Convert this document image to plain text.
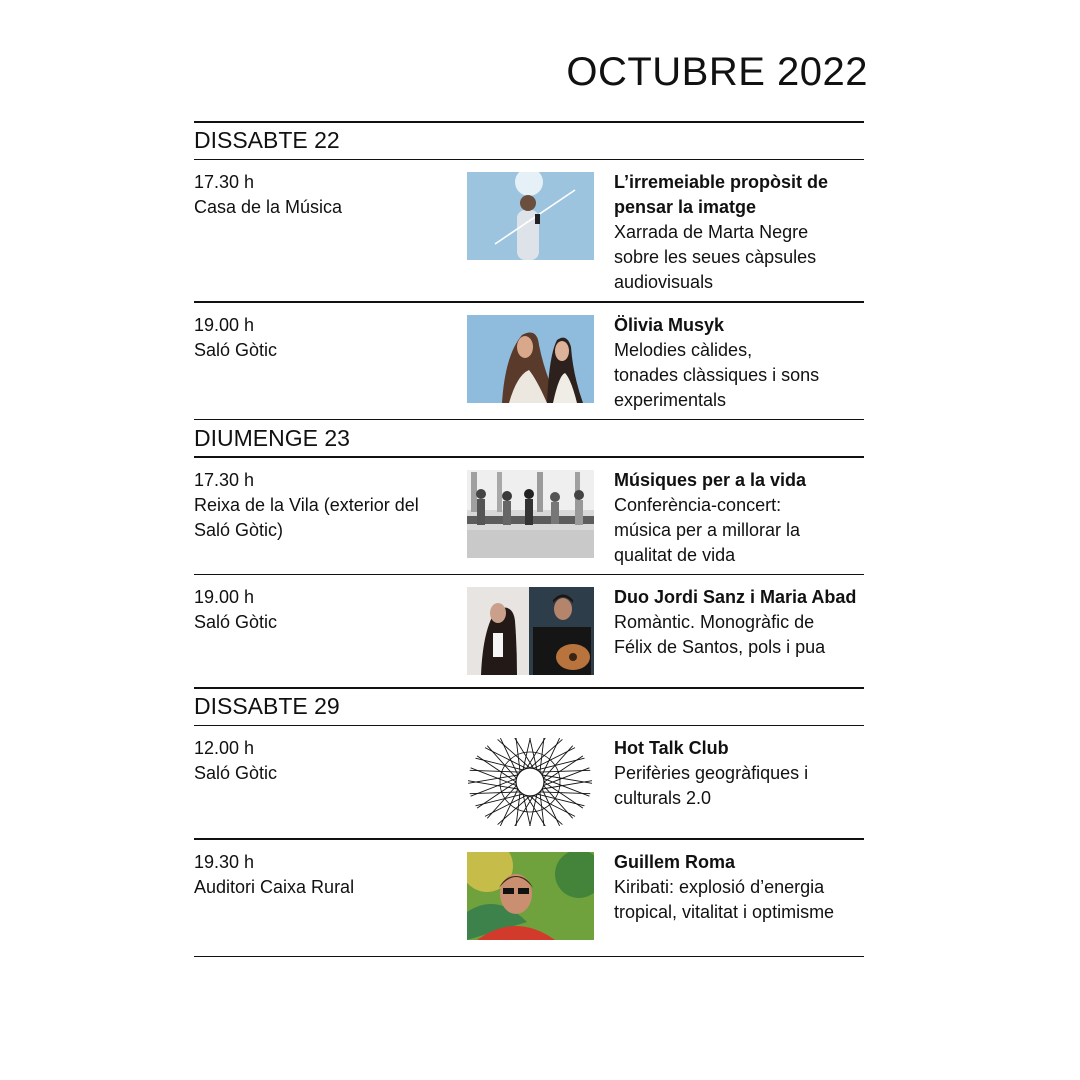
OCTUBRE 2022
DISSABTE 22
17.30 h
Casa de la Música
L’irremeiable propòsit de
pensar la imatge
Xarrada de Marta Negre
sobre les seues càpsules
audiovisuals
19.00 h
Saló Gòtic
Ölivia Musyk
Melodies càlides,
tonades clàssiques i sons
experimentals
DIUMENGE 23
17.30 h
Reixa de la Vila (exterior del
Saló Gòtic)
Músiques per a la vida
Conferència-concert:
música per a millorar la
qualitat de vida
19.00 h
Saló Gòtic
Duo Jordi Sanz i Maria Abad
Romàntic. Monogràfic de
Félix de Santos, pols i pua
DISSABTE 29
12.00 h
Saló Gòtic
Hot Talk Club
Perifèries geogràfiques i
culturals 2.0
19.30 h
Auditori Caixa Rural
Guillem Roma
Kiribati: explosió d’energia
tropical, vitalitat i optimisme
